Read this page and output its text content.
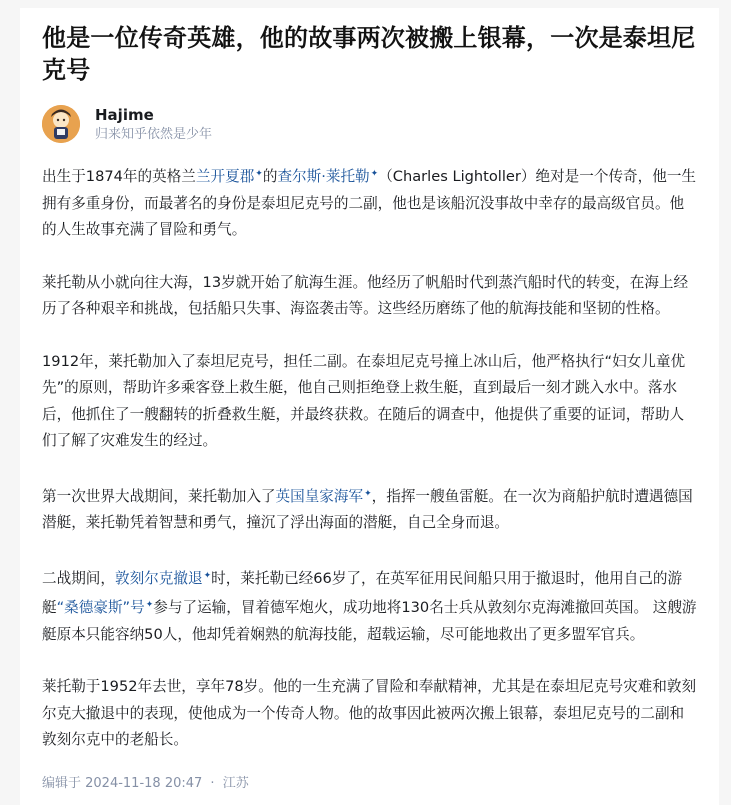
他是一位传奇英雄，他的故事两次被搬上银幕，一次是泰坦尼克号
Hajime
归来知乎依然是少年

出生于1874年的英格兰兰开夏郡✦的查尔斯·莱托勒✦（Charles Lightoller）绝对是一个传奇，他一生拥有多重身份，而最著名的身份是泰坦尼克号的二副，他也是该船沉没事故中幸存的最高级官员。他的人生故事充满了冒险和勇气。

莱托勒从小就向往大海，13岁就开始了航海生涯。他经历了帆船时代到蒸汽船时代的转变，在海上经历了各种艰辛和挑战，包括船只失事、海盗袭击等。这些经历磨练了他的航海技能和坚韧的性格。

1912年，莱托勒加入了泰坦尼克号，担任二副。在泰坦尼克号撞上冰山后，他严格执行“妇女儿童优先”的原则，帮助许多乘客登上救生艇，他自己则拒绝登上救生艇，直到最后一刻才跳入水中。落水后，他抓住了一艘翻转的折叠救生艇，并最终获救。在随后的调查中，他提供了重要的证词，帮助人们了解了灾难发生的经过。

第一次世界大战期间，莱托勒加入了英国皇家海军✦，指挥一艘鱼雷艇。在一次为商船护航时遭遇德国潜艇，莱托勒凭着智慧和勇气，撞沉了浮出海面的潜艇，自己全身而退。

二战期间，敦刻尔克撤退✦时，莱托勒已经66岁了，在英军征用民间船只用于撤退时，他用自己的游艇“桑德豪斯”号✦参与了运输，冒着德军炮火，成功地将130名士兵从敦刻尔克海滩撤回英国。 这艘游艇原本只能容纳50人，他却凭着娴熟的航海技能，超载运输，尽可能地救出了更多盟军官兵。

莱托勒于1952年去世，享年78岁。他的一生充满了冒险和奉献精神，尤其是在泰坦尼克号灾难和敦刻尔克大撤退中的表现，使他成为一个传奇人物。他的故事因此被两次搬上银幕，泰坦尼克号的二副和敦刻尔克中的老船长。

编辑于 2024-11-18 20:47 · 江苏
